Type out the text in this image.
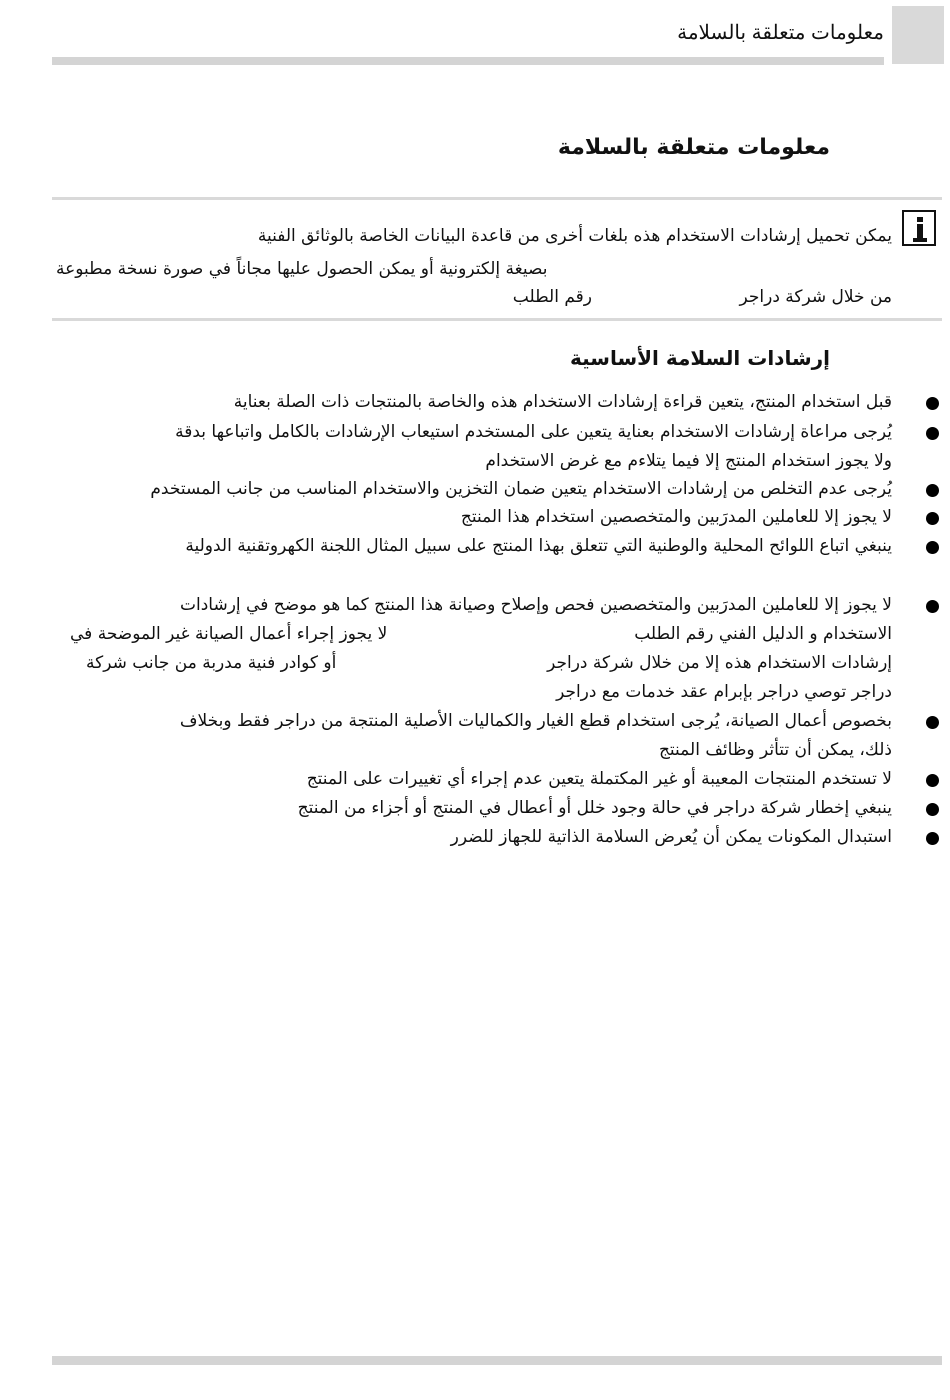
معلومات متعلقة بالسلامة
معلومات متعلقة بالسلامة
يمكن تحميل إرشادات الاستخدام هذه بلغات أخرى من قاعدة البيانات الخاصة بالوثائق الفنية
بصيغة إلكترونية أو يمكن الحصول عليها مجاناً في صورة نسخة مطبوعة
من خلال شركة دراجر
رقم الطلب
إرشادات السلامة الأساسية
قبل استخدام المنتج، يتعين قراءة إرشادات الاستخدام هذه والخاصة بالمنتجات ذات الصلة بعناية
يُرجى مراعاة إرشادات الاستخدام بعناية يتعين على المستخدم استيعاب الإرشادات بالكامل واتباعها بدقة
ولا يجوز استخدام المنتج إلا فيما يتلاءم مع غرض الاستخدام
يُرجى عدم التخلص من إرشادات الاستخدام يتعين ضمان التخزين والاستخدام المناسب من جانب المستخدم
لا يجوز إلا للعاملين المدرَبين والمتخصصين استخدام هذا المنتج
ينبغي اتباع اللوائح المحلية والوطنية التي تتعلق بهذا المنتج على سبيل المثال اللجنة الكهروتقنية الدولية
لا يجوز إلا للعاملين المدرَبين والمتخصصين فحص وإصلاح وصيانة هذا المنتج كما هو موضح في إرشادات
الاستخدام و الدليل الفني رقم الطلب
لا يجوز إجراء أعمال الصيانة غير الموضحة في
إرشادات الاستخدام هذه إلا من خلال شركة دراجر
أو كوادر فنية مدربة من جانب شركة
دراجر توصي دراجر بإبرام عقد خدمات مع دراجر
بخصوص أعمال الصيانة، يُرجى استخدام قطع الغيار والكماليات الأصلية المنتجة من دراجر فقط وبخلاف
ذلك، يمكن أن تتأثر وظائف المنتج
لا تستخدم المنتجات المعيبة أو غير المكتملة يتعين عدم إجراء أي تغييرات على المنتج
ينبغي إخطار شركة دراجر في حالة وجود خلل أو أعطال في المنتج أو أجزاء من المنتج
استبدال المكونات يمكن أن يُعرض السلامة الذاتية للجهاز للضرر
